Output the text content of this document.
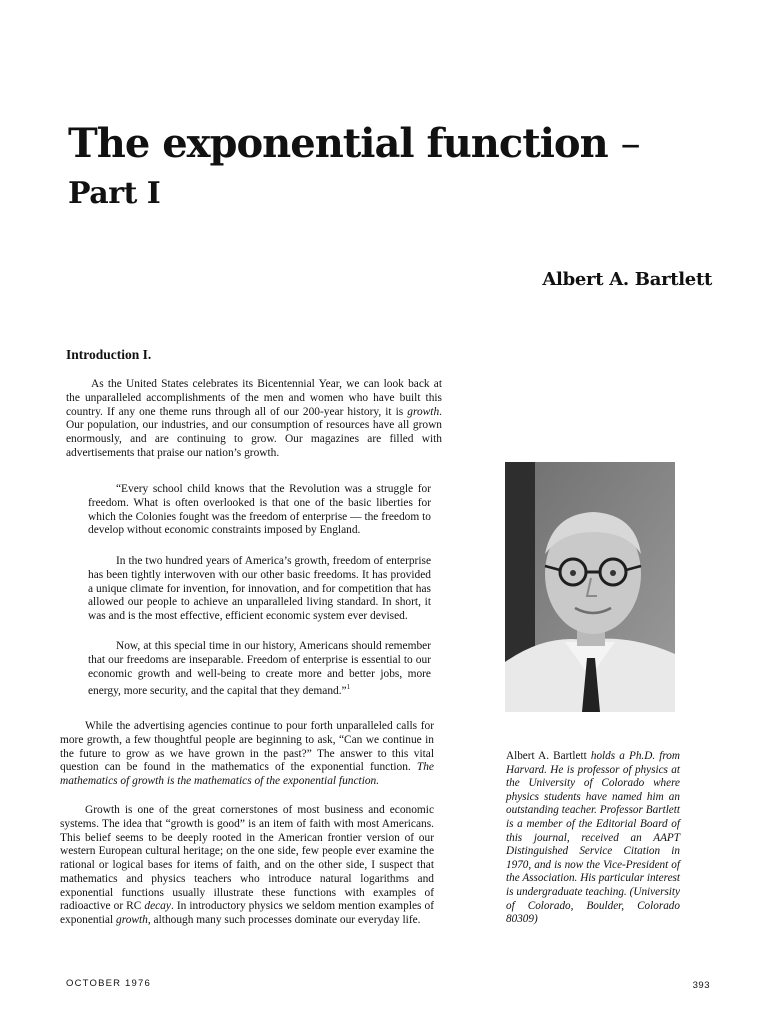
The exponential function –
Part I
Albert A. Bartlett
Introduction I.

As the United States celebrates its Bicentennial Year, we can look back at the unparalleled accomplishments of the men and women who have built this country. If any one theme runs through all of our 200-year history, it is growth. Our population, our industries, and our consumption of resources have all grown enormously, and are continuing to grow. Our magazines are filled with advertisements that praise our nation’s growth.

“Every school child knows that the Revolution was a struggle for freedom. What is often overlooked is that one of the basic liberties for which the Colonies fought was the freedom of enterprise — the freedom to develop without economic constraints imposed by England.

In the two hundred years of America’s growth, freedom of enterprise has been tightly interwoven with our other basic freedoms. It has provided a unique climate for invention, for innovation, and for competition that has allowed our people to achieve an unparalleled living standard. In short, it was and is the most effective, efficient economic system ever devised.

Now, at this special time in our history, Americans should remember that our freedoms are inseparable. Freedom of enterprise is essential to our economic growth and well-being to create more and better jobs, more energy, more security, and the capital that they demand.”$^1$

While the advertising agencies continue to pour forth unparalleled calls for more growth, a few thoughtful people are beginning to ask, “Can we continue in the future to grow as we have grown in the past?” The answer to this vital question can be found in the mathematics of the exponential function. The mathematics of growth is the mathematics of the exponential function.

Growth is one of the great cornerstones of most business and economic systems. The idea that “growth is good” is an item of faith with most Americans. This belief seems to be deeply rooted in the American frontier version of our western European cultural heritage; on the one side, few people ever examine the rational or logical bases for items of faith, and on the other side, I suspect that mathematics and physics teachers who introduce natural logarithms and exponential functions usually illustrate these functions with examples of radioactive or RC decay. In introductory physics we seldom mention examples of exponential growth, although many such processes dominate our everyday life.

Albert A. Bartlett holds a Ph.D. from Harvard. He is professor of physics at the University of Colorado where physics students have named him an outstanding teacher. Professor Bartlett is a member of the Editorial Board of this journal, received an AAPT Distinguished Service Citation in 1970, and is now the Vice-President of the Association. His particular interest is undergraduate teaching. (University of Colorado, Boulder, Colorado 80309)

OCTOBER 1976	393
